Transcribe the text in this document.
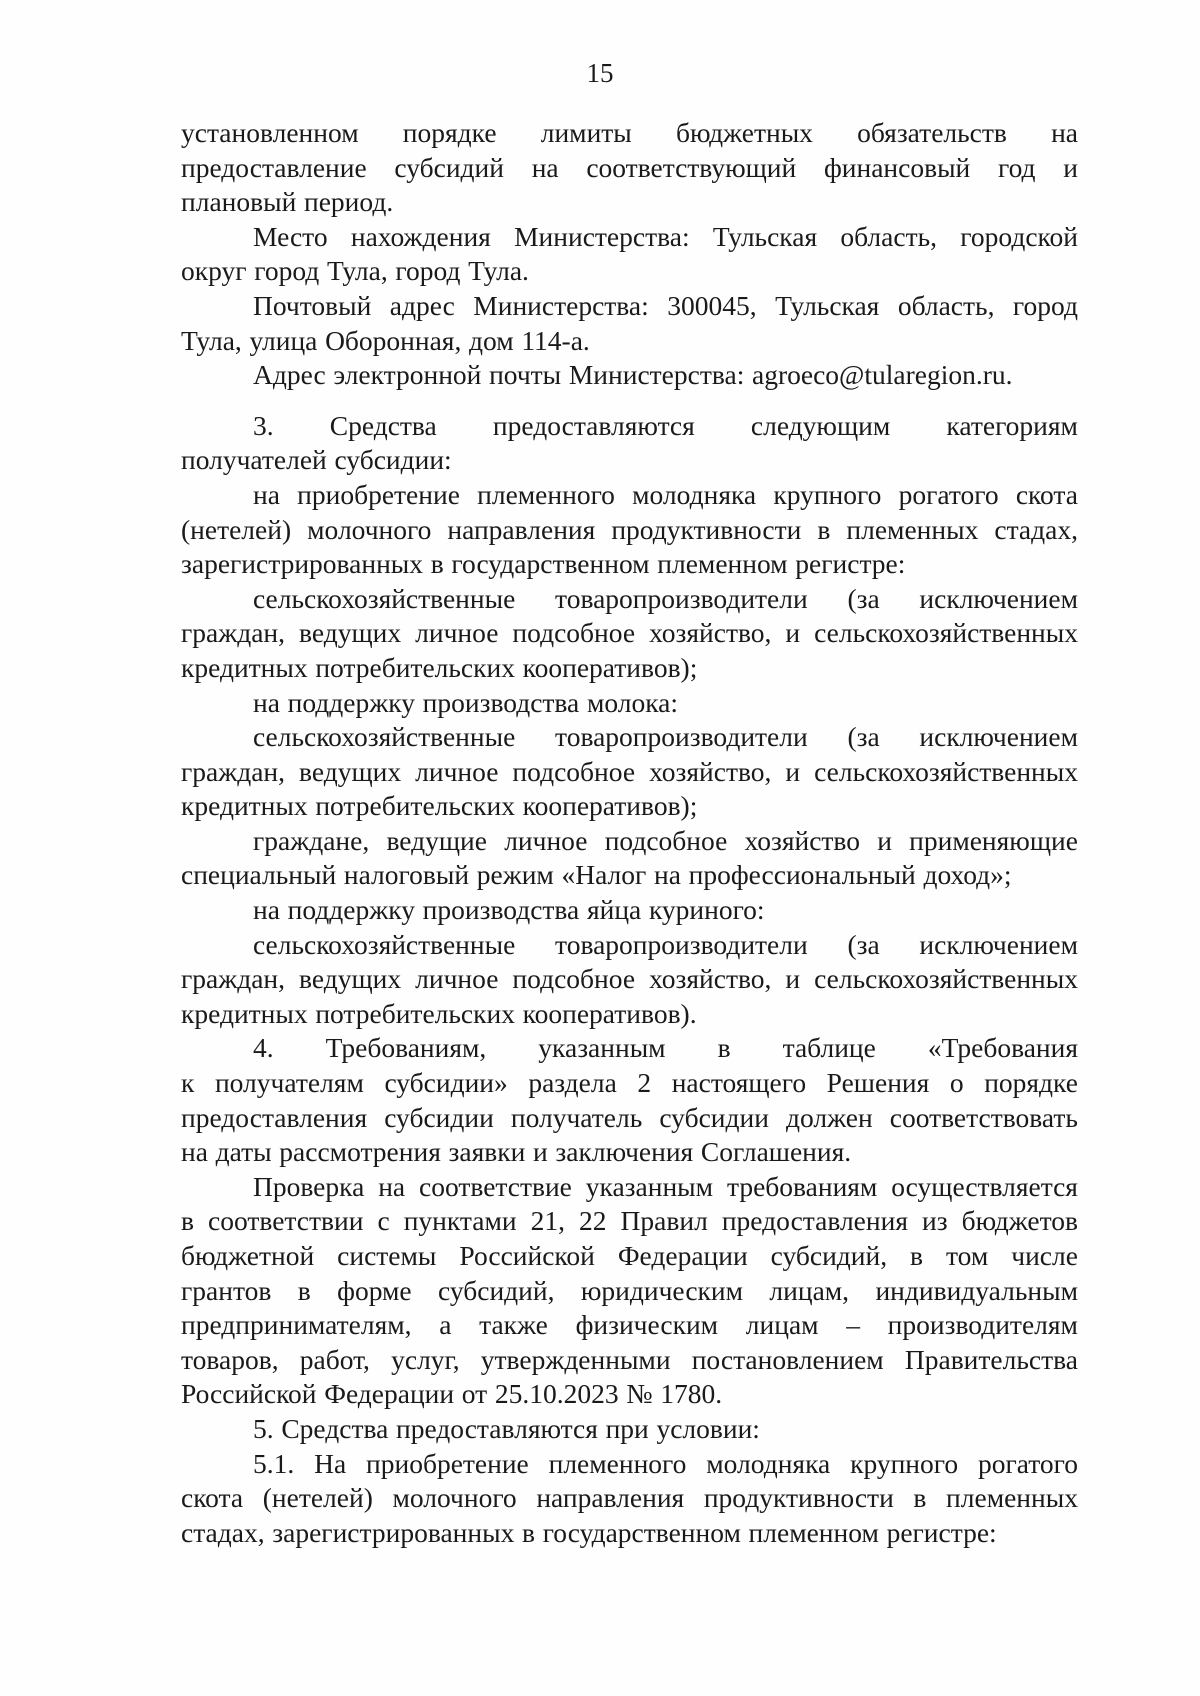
15
установленном порядке лимиты бюджетных обязательств на
предоставление субсидий на соответствующий финансовый год и
плановый период.
Место нахождения Министерства: Тульская область, городской
округ город Тула, город Тула.
Почтовый адрес Министерства: 300045, Тульская область, город
Тула, улица Оборонная, дом 114-а.
Адрес электронной почты Министерства: agroeco@tularegion.ru.
3. Средства предоставляются следующим категориям
получателей субсидии:
на приобретение племенного молодняка крупного рогатого скота
(нетелей) молочного направления продуктивности в племенных стадах,
зарегистрированных в государственном племенном регистре:
сельскохозяйственные товаропроизводители (за исключением
граждан, ведущих личное подсобное хозяйство, и сельскохозяйственных
кредитных потребительских кооперативов);
на поддержку производства молока:
сельскохозяйственные товаропроизводители (за исключением
граждан, ведущих личное подсобное хозяйство, и сельскохозяйственных
кредитных потребительских кооперативов);
граждане, ведущие личное подсобное хозяйство и применяющие
специальный налоговый режим «Налог на профессиональный доход»;
на поддержку производства яйца куриного:
сельскохозяйственные товаропроизводители (за исключением
граждан, ведущих личное подсобное хозяйство, и сельскохозяйственных
кредитных потребительских кооперативов).
4. Требованиям, указанным в таблице «Требования
к получателям субсидии» раздела 2 настоящего Решения о порядке
предоставления субсидии получатель субсидии должен соответствовать
на даты рассмотрения заявки и заключения Соглашения.
Проверка на соответствие указанным требованиям осуществляется
в соответствии с пунктами 21, 22 Правил предоставления из бюджетов
бюджетной системы Российской Федерации субсидий, в том числе
грантов в форме субсидий, юридическим лицам, индивидуальным
предпринимателям, а также физическим лицам – производителям
товаров, работ, услуг, утвержденными постановлением Правительства
Российской Федерации от 25.10.2023 № 1780.
5. Средства предоставляются при условии:
5.1. На приобретение племенного молодняка крупного рогатого
скота (нетелей) молочного направления продуктивности в племенных
стадах, зарегистрированных в государственном племенном регистре:
